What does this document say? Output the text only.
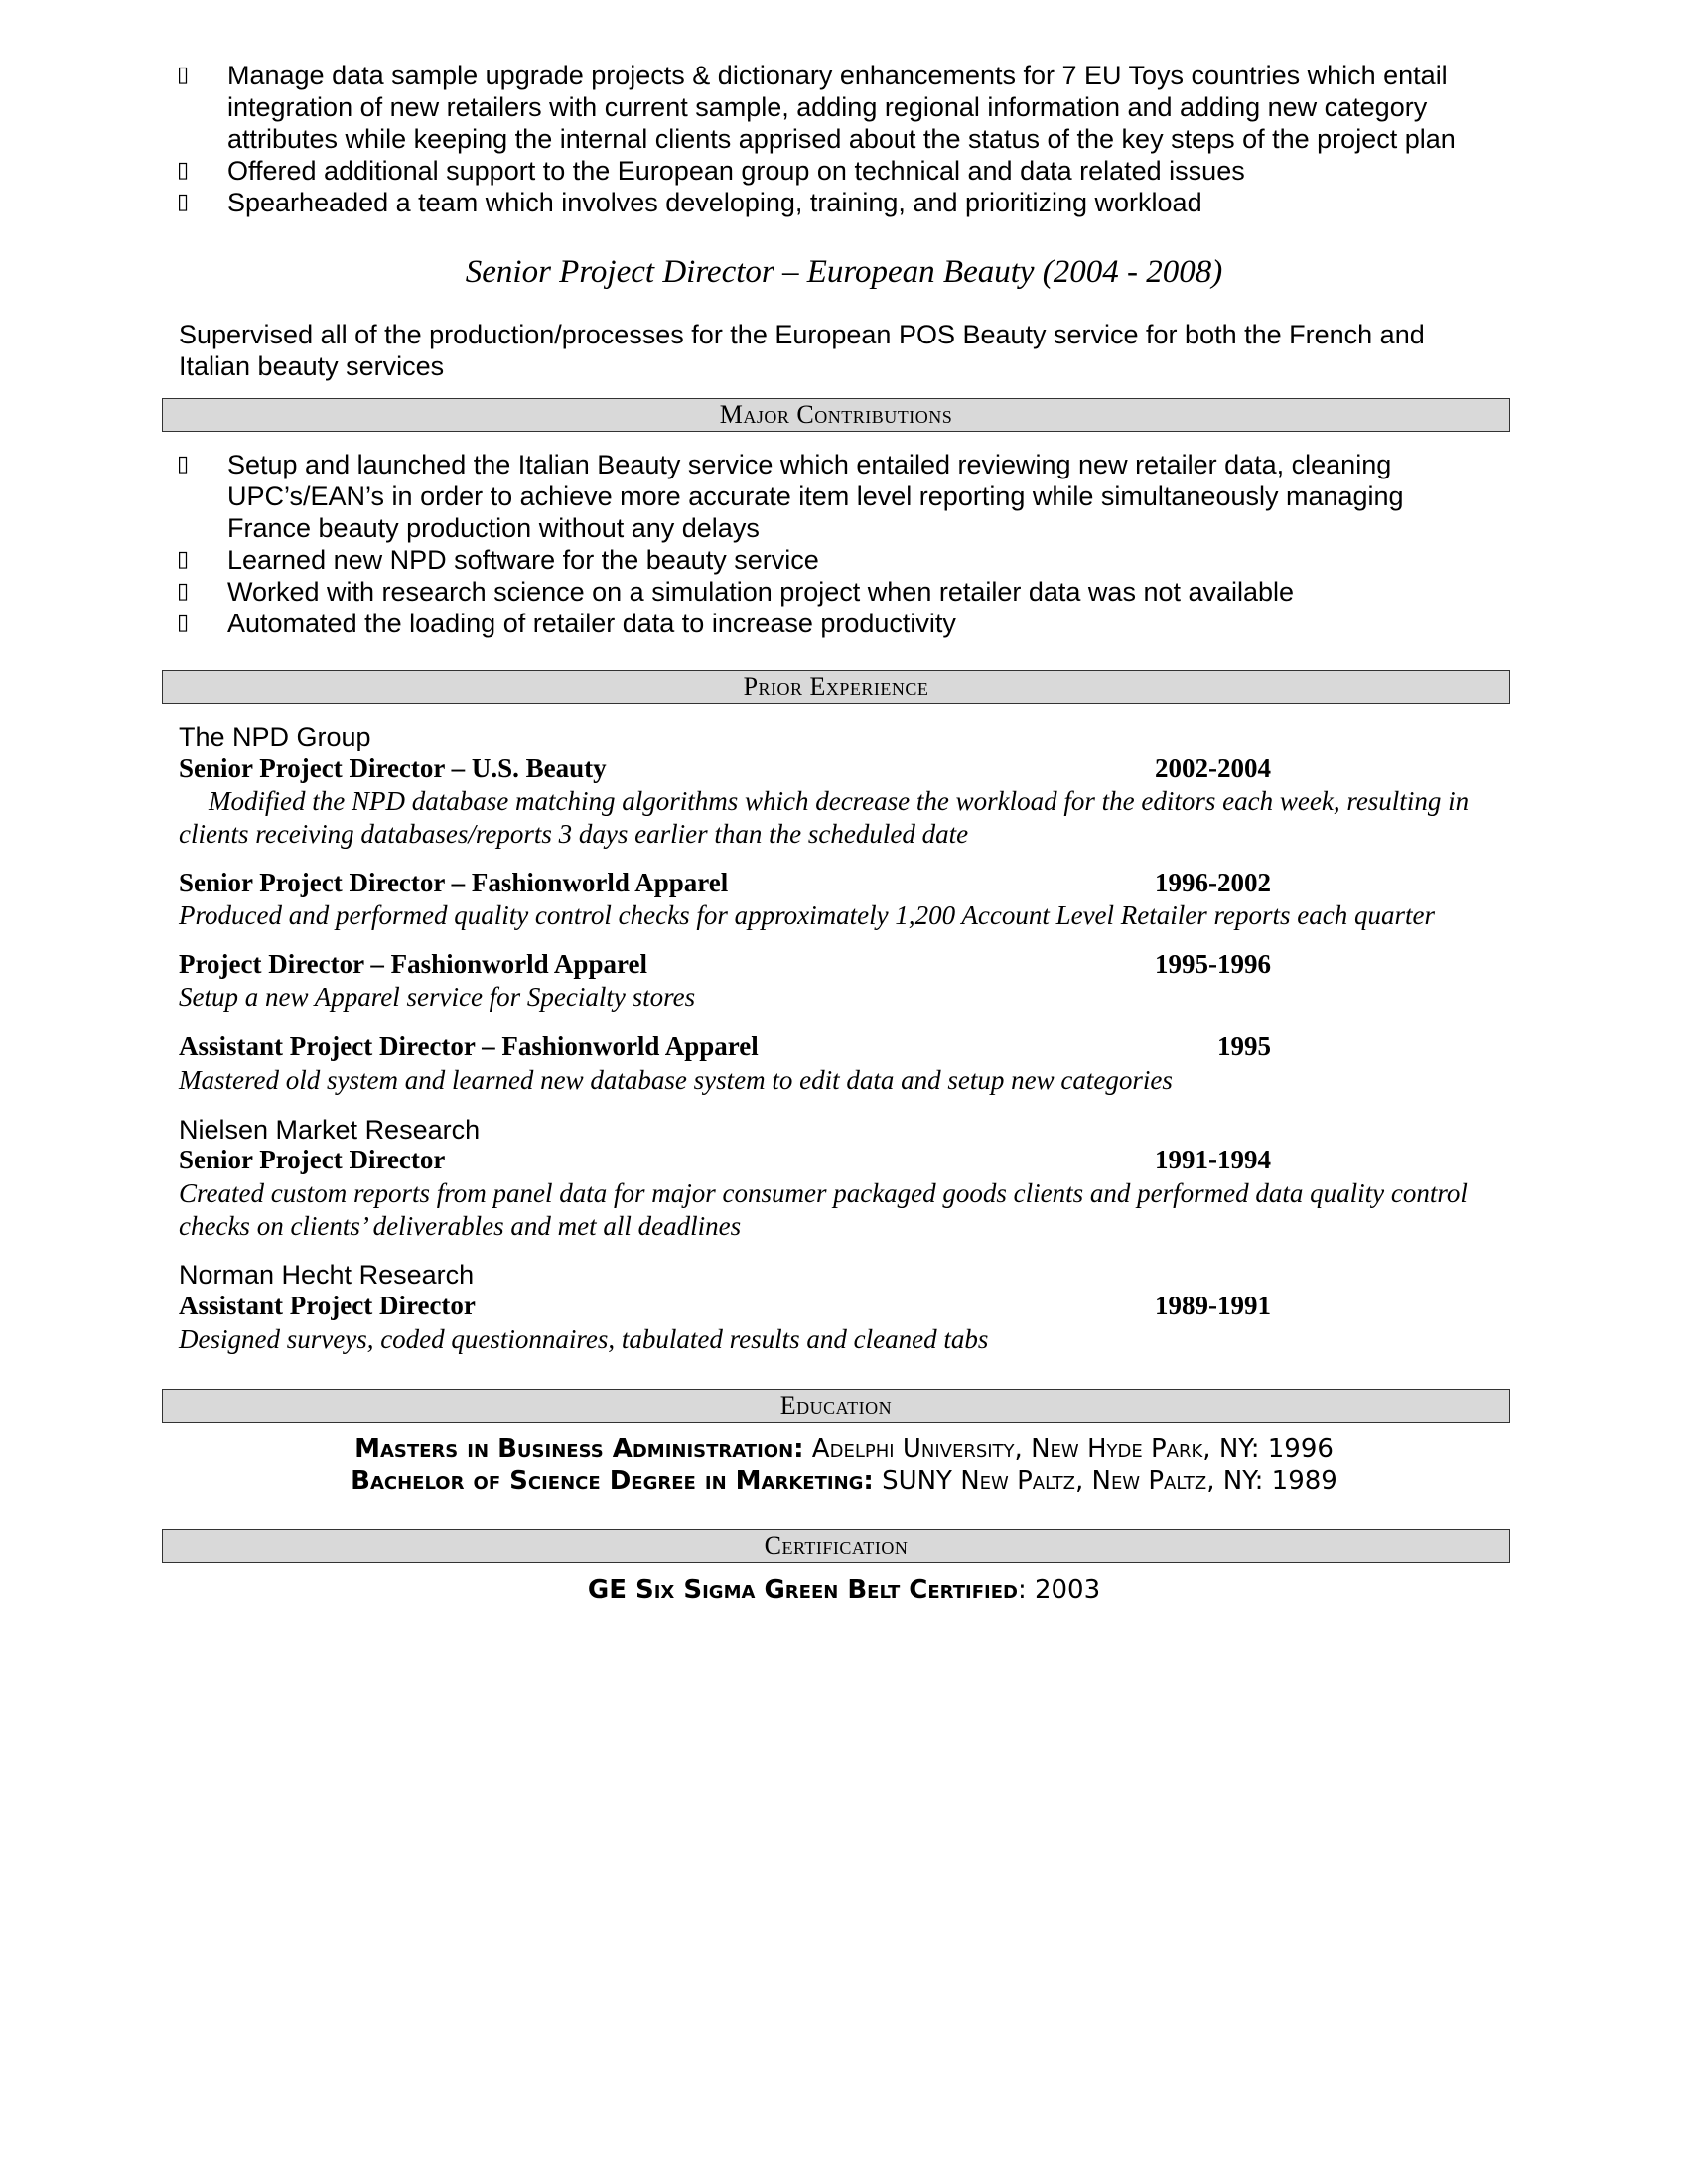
▯ Manage data sample upgrade projects & dictionary enhancements for 7 EU Toys countries which entail
integration of new retailers with current sample, adding regional information and adding new category
attributes while keeping the internal clients apprised about the status of the key steps of the project plan
▯ Offered additional support to the European group on technical and data related issues
▯ Spearheaded a team which involves developing, training, and prioritizing workload
Senior Project Director – European Beauty (2004 - 2008)
Supervised all of the production/processes for the European POS Beauty service for both the French and
Italian beauty services
Major Contributions
▯ Setup and launched the Italian Beauty service which entailed reviewing new retailer data, cleaning
UPC’s/EAN’s in order to achieve more accurate item level reporting while simultaneously managing
France beauty production without any delays
▯ Learned new NPD software for the beauty service
▯ Worked with research science on a simulation project when retailer data was not available
▯ Automated the loading of retailer data to increase productivity
Prior Experience
The NPD Group
Senior Project Director – U.S. Beauty	2002-2004
Modified the NPD database matching algorithms which decrease the workload for the editors each week, resulting in
clients receiving databases/reports 3 days earlier than the scheduled date
Senior Project Director – Fashionworld Apparel	1996-2002
Produced and performed quality control checks for approximately 1,200 Account Level Retailer reports each quarter
Project Director – Fashionworld Apparel	1995-1996
Setup a new Apparel service for Specialty stores
Assistant Project Director – Fashionworld Apparel	1995
Mastered old system and learned new database system to edit data and setup new categories
Nielsen Market Research
Senior Project Director	1991-1994
Created custom reports from panel data for major consumer packaged goods clients and performed data quality control
checks on clients’ deliverables and met all deadlines
Norman Hecht Research
Assistant Project Director	1989-1991
Designed surveys, coded questionnaires, tabulated results and cleaned tabs
Education
Masters in Business Administration: Adelphi University, New Hyde Park, NY: 1996
Bachelor of Science Degree in Marketing: SUNY New Paltz, New Paltz, NY: 1989
Certification
GE Six Sigma Green Belt Certified: 2003
